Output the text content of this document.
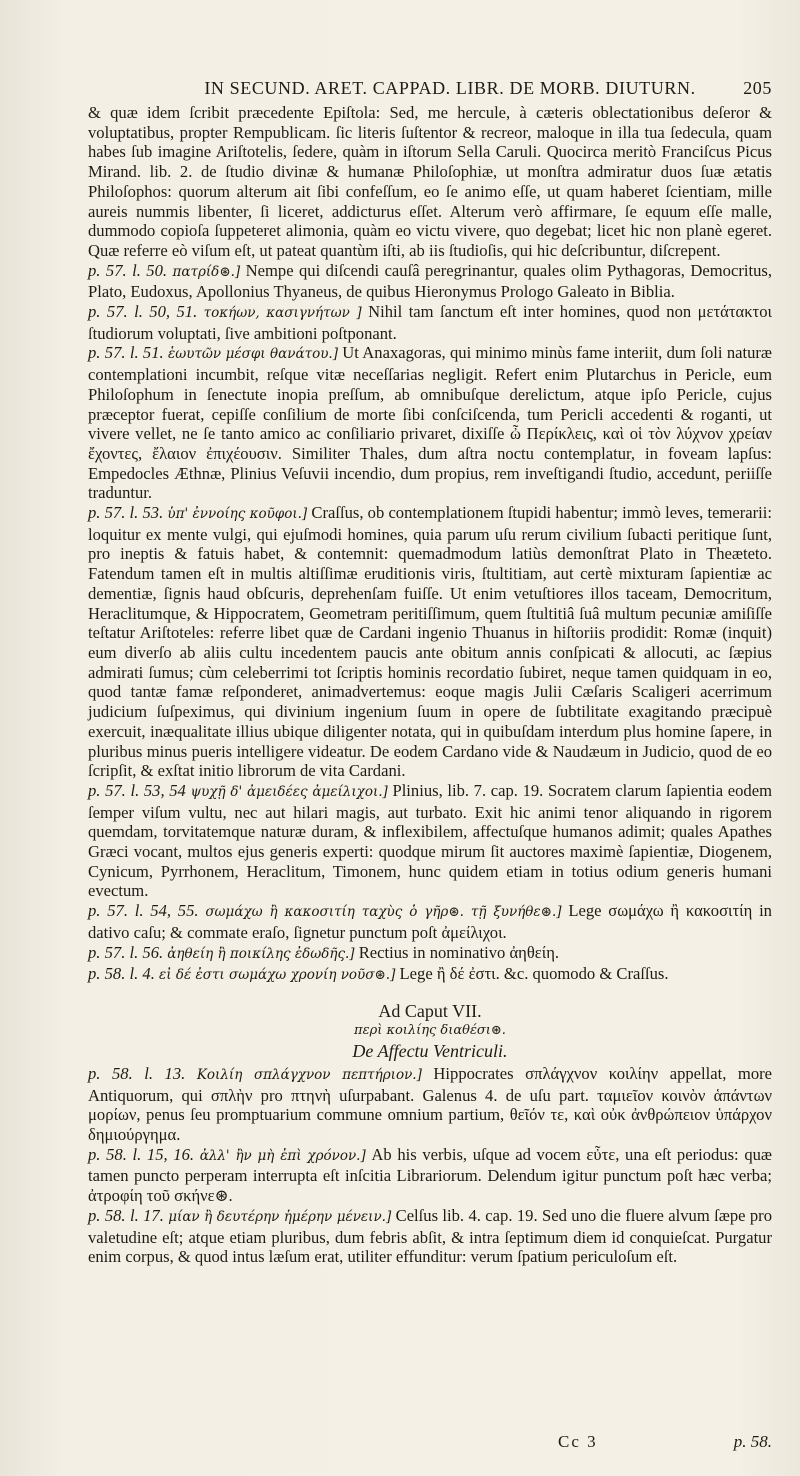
IN SECUND. ARET. CAPPAD. LIBR. DE MORB. DIUTURN.	205

& quæ idem ſcribit præcedente Epiſtola: Sed, me hercule, à cæteris oblectationibus deſeror & voluptatibus, propter Rempublicam. ſic literis ſuſtentor & recreor, maloque in illa tua ſedecula, quam habes ſub imagine Ariſtotelis, ſedere, quàm in iſtorum Sella Caruli. Quocirca meritò Franciſcus Picus Mirand. lib. 2. de ſtudio divinæ & humanæ Philoſophiæ, ut monſtra admiratur duos ſuæ ætatis Philoſophos: quorum alterum ait ſibi confeſſum, eo ſe animo eſſe, ut quam haberet ſcientiam, mille aureis nummis libenter, ſi liceret, addicturus eſſet. Alterum verò affirmare, ſe equum eſſe malle, dummodo copioſa ſuppeteret alimonia, quàm eo victu vivere, quo degebat; licet hic non planè egeret. Quæ referre eò viſum eſt, ut pateat quantùm iſti, ab iis ſtudioſis, qui hic deſcribuntur, diſcrepent.

p. 57. l. 50. πατρίδ⊛.] Nempe qui diſcendi cauſâ peregrinantur, quales olim Pythagoras, Democritus, Plato, Eudoxus, Apollonius Thyaneus, de quibus Hieronymus Prologo Galeato in Biblia.

p. 57. l. 50, 51. τοκήων, κασιγνήτων ] Nihil tam ſanctum eſt inter homines, quod non μετάτακτοι ſtudiorum voluptati, ſive ambitioni poſtponant.

p. 57. l. 51. ἑωυτῶν μέσφι θανάτου.] Ut Anaxagoras, qui minimo minùs fame interiit, dum ſoli naturæ contemplationi incumbit, reſque vitæ neceſſarias negligit. Refert enim Plutarchus in Pericle, eum Philoſophum in ſenectute inopia preſſum, ab omnibuſque derelictum, atque ipſo Pericle, cujus præceptor fuerat, cepiſſe conſilium de morte ſibi conſciſcenda, tum Pericli accedenti & roganti, ut vivere vellet, ne ſe tanto amico ac conſiliario privaret, dixiſſe ὦ Περίκλεις, καὶ οἱ τὸν λύχνον χρείαν ἔχοντες, ἔλαιον ἐπιχέουσιν. Similiter Thales, dum aſtra noctu contemplatur, in foveam lapſus: Empedocles Æthnæ, Plinius Veſuvii incendio, dum propius, rem inveſtigandi ſtudio, accedunt, periiſſe traduntur.

p. 57. l. 53. ὑπ' ἐννοίης κοῦφοι.] Craſſus, ob contemplationem ſtupidi habentur; immò leves, temerarii: loquitur ex mente vulgi, qui ejuſmodi homines, quia parum uſu rerum civilium ſubacti peritique ſunt, pro ineptis & fatuis habet, & contemnit: quemadmodum latiùs demonſtrat Plato in Theæteto. Fatendum tamen eſt in multis altiſſimæ eruditionis viris, ſtultitiam, aut certè mixturam ſapientiæ ac dementiæ, ſignis haud obſcuris, deprehenſam fuiſſe. Ut enim vetuſtiores illos taceam, Democritum, Heraclitumque, & Hippocratem, Geometram peritiſſimum, quem ſtultitiâ ſuâ multum pecuniæ amiſiſſe teſtatur Ariſtoteles: referre libet quæ de Cardani ingenio Thuanus in hiſtoriis prodidit: Romæ (inquit) eum diverſo ab aliis cultu incedentem paucis ante obitum annis conſpicati & allocuti, ac ſæpius admirati ſumus; cùm celeberrimi tot ſcriptis hominis recordatio ſubiret, neque tamen quidquam in eo, quod tantæ famæ reſponderet, animadvertemus: eoque magis Julii Cæſaris Scaligeri acerrimum judicium ſuſpeximus, qui divinium ingenium ſuum in opere de ſubtilitate exagitando præcipuè exercuit, inæqualitate illius ubique diligenter notata, qui in quibuſdam interdum plus homine ſapere, in pluribus minus pueris intelligere videatur. De eodem Cardano vide & Naudæum in Judicio, quod de eo ſcripſit, & exſtat initio librorum de vita Cardani.

p. 57. l. 53, 54 ψυχῇ δ' ἀμειδέες ἀμείλιχοι.] Plinius, lib. 7. cap. 19. Socratem clarum ſapientia eodem ſemper viſum vultu, nec aut hilari magis, aut turbato. Exit hic animi tenor aliquando in rigorem quemdam, torvitatemque naturæ duram, & inflexibilem, affectuſque humanos adimit; quales Apathes Græci vocant, multos ejus generis experti: quodque mirum ſit auctores maximè ſapientiæ, Diogenem, Cynicum, Pyrrhonem, Heraclitum, Timonem, hunc quidem etiam in totius odium generis humani evectum.

p. 57. l. 54, 55. σωμάχω ἢ κακοσιτίη ταχὺς ὁ γῆρ⊛. τῇ ξυνήθε⊛.] Lege σωμάχω ἢ κακοσιτίη in dativo caſu; & commate eraſo, ſignetur punctum poſt ἀμείλιχοι.

p. 57. l. 56. ἀηθείη ἢ ποικίλης ἐδωδῆς.] Rectius in nominativo ἀηθείη.

p. 58. l. 4. εἰ δέ ἐστι σωμάχω χρονίη νοῦσ⊛.] Lege ἢ δέ ἐστι. &c. quomodo & Craſſus.

Ad Caput VII.
περὶ κοιλίης διαθέσι⊛.
De Affectu Ventriculi.

p. 58. l. 13. Κοιλίη σπλάγχνον πεπτήριον.] Hippocrates σπλάγχνον κοιλίην appellat, more Antiquorum, qui σπλὴν pro πτηνὴ uſurpabant. Galenus 4. de uſu part. ταμιεῖον κοινὸν ἁπάντων μορίων, penus ſeu promptuarium commune omnium partium, θεῖόν τε, καὶ οὐκ ἀνθρώπειον ὑπάρχον δημιούργημα.

p. 58. l. 15, 16. ἀλλ' ἢν μὴ ἐπὶ χρόνον.] Ab his verbis, uſque ad vocem εὖτε, una eſt periodus: quæ tamen puncto perperam interrupta eſt inſcitia Librariorum. Delendum igitur punctum poſt hæc verba; ἀτροφίη τοῦ σκήνε⊛.

p. 58. l. 17. μίαν ἢ δευτέρην ἡμέρην μένειν.] Celſus lib. 4. cap. 19. Sed uno die fluere alvum ſæpe pro valetudine eſt; atque etiam pluribus, dum febris abſit, & intra ſeptimum diem id conquieſcat. Purgatur enim corpus, & quod intus læſum erat, utiliter effunditur: verum ſpatium periculoſum eſt.

Cc 3	p. 58.
